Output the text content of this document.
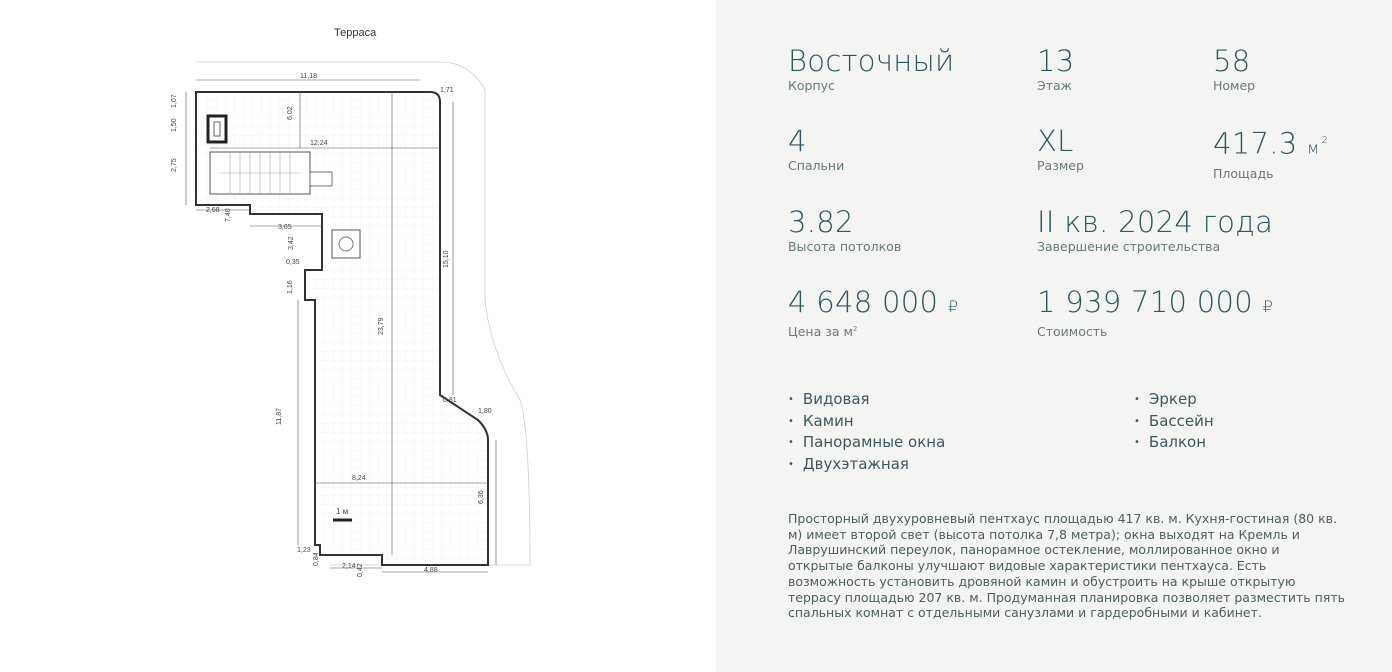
Терраса
11,18
1,71
1,07
1,50
6,02
12,24
2,75
2,68 7,40
3,65
3,42
0,35
1,16
15,10
23,79
0,81
1,80
11,87
8,24
6,36
1,23
0,84
2,14 0,42	4,88
1 м
Восточный
Корпус
13
Этаж
58
Номер
4
Спальни
XL
Размер
417.3 м $^2$
Площадь
3.82
Высота потолков
II кв. 2024 года
Завершение строительства
4 648 000 ₽
Цена за $м^2$
1 939 710 000 ₽
Стоимость
• Видовая
• Камин
• Панорамные окна
• Двухэтажная
• Эркер
• Бассейн
• Балкон

Просторный двухуровневый пентхаус площадью 417 кв. м. Кухня-гостиная (80 кв. м) имеет второй свет (высота потолка 7,8 метра); окна выходят на Кремль и Лаврушинский переулок, панорамное остекление, моллированное окно и открытые балконы улучшают видовые характеристики пентхауса. Есть возможность установить дровяной камин и обустроить на крыше открытую террасу площадью 207 кв. м. Продуманная планировка позволяет разместить пять спальных комнат с отдельными санузлами и гардеробными и кабинет.
